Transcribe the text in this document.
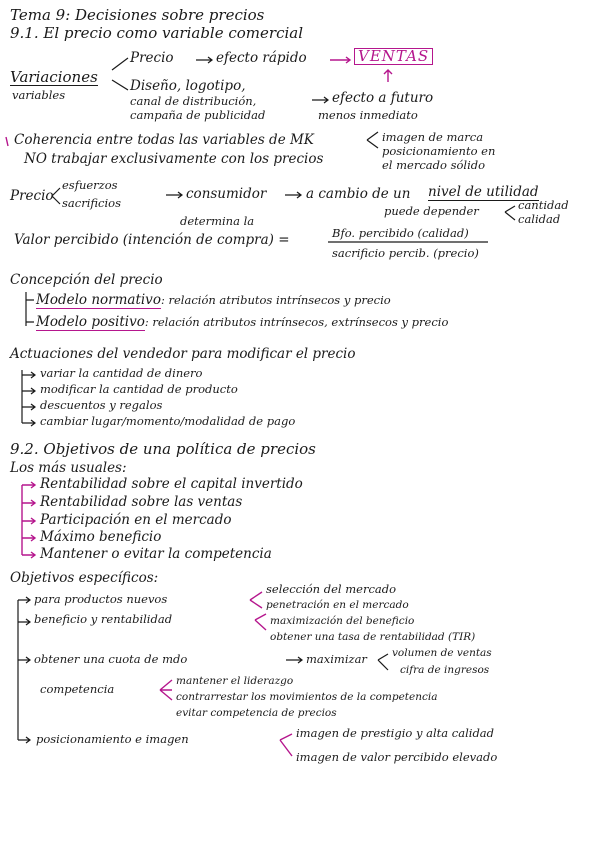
Tema 9: Decisiones sobre precios
9.1. El precio como variable comercial
Variaciones
variables
Precio	efecto rápido	VENTAS
Diseño, logotipo,
canal de distribución,
campaña de publicidad
efecto a futuro
menos inmediato
Coherencia entre todas las variables de MK
NO trabajar exclusivamente con los precios
imagen de marca
posicionamiento en
el mercado sólido
Precio
esfuerzos
sacrificios
consumidor	a cambio de un nivel de utilidad
puede depender	cantidad
calidad
determina la
Valor percibido (intención de compra) =	Bfo. percibido (calidad)
sacrificio percib. (precio)
Concepción del precio
Modelo normativo: relación atributos intrínsecos y precio
Modelo positivo: relación atributos intrínsecos, extrínsecos y precio
Actuaciones del vendedor para modificar el precio
variar la cantidad de dinero
modificar la cantidad de producto
descuentos y regalos
cambiar lugar/momento/modalidad de pago
9.2. Objetivos de una política de precios
Los más usuales:
Rentabilidad sobre el capital invertido
Rentabilidad sobre las ventas
Participación en el mercado
Máximo beneficio
Mantener o evitar la competencia
Objetivos específicos:
para productos nuevos
selección del mercado
penetración en el mercado
beneficio y rentabilidad	maximización del beneficio
obtener una tasa de rentabilidad (TIR)
obtener una cuota de mdo	maximizar volumen de ventas
cifra de ingresos
competencia
mantener el liderazgo
contrarrestar los movimientos de la competencia
evitar competencia de precios
posicionamiento e imagen	imagen de prestigio y alta calidad
imagen de valor percibido elevado
